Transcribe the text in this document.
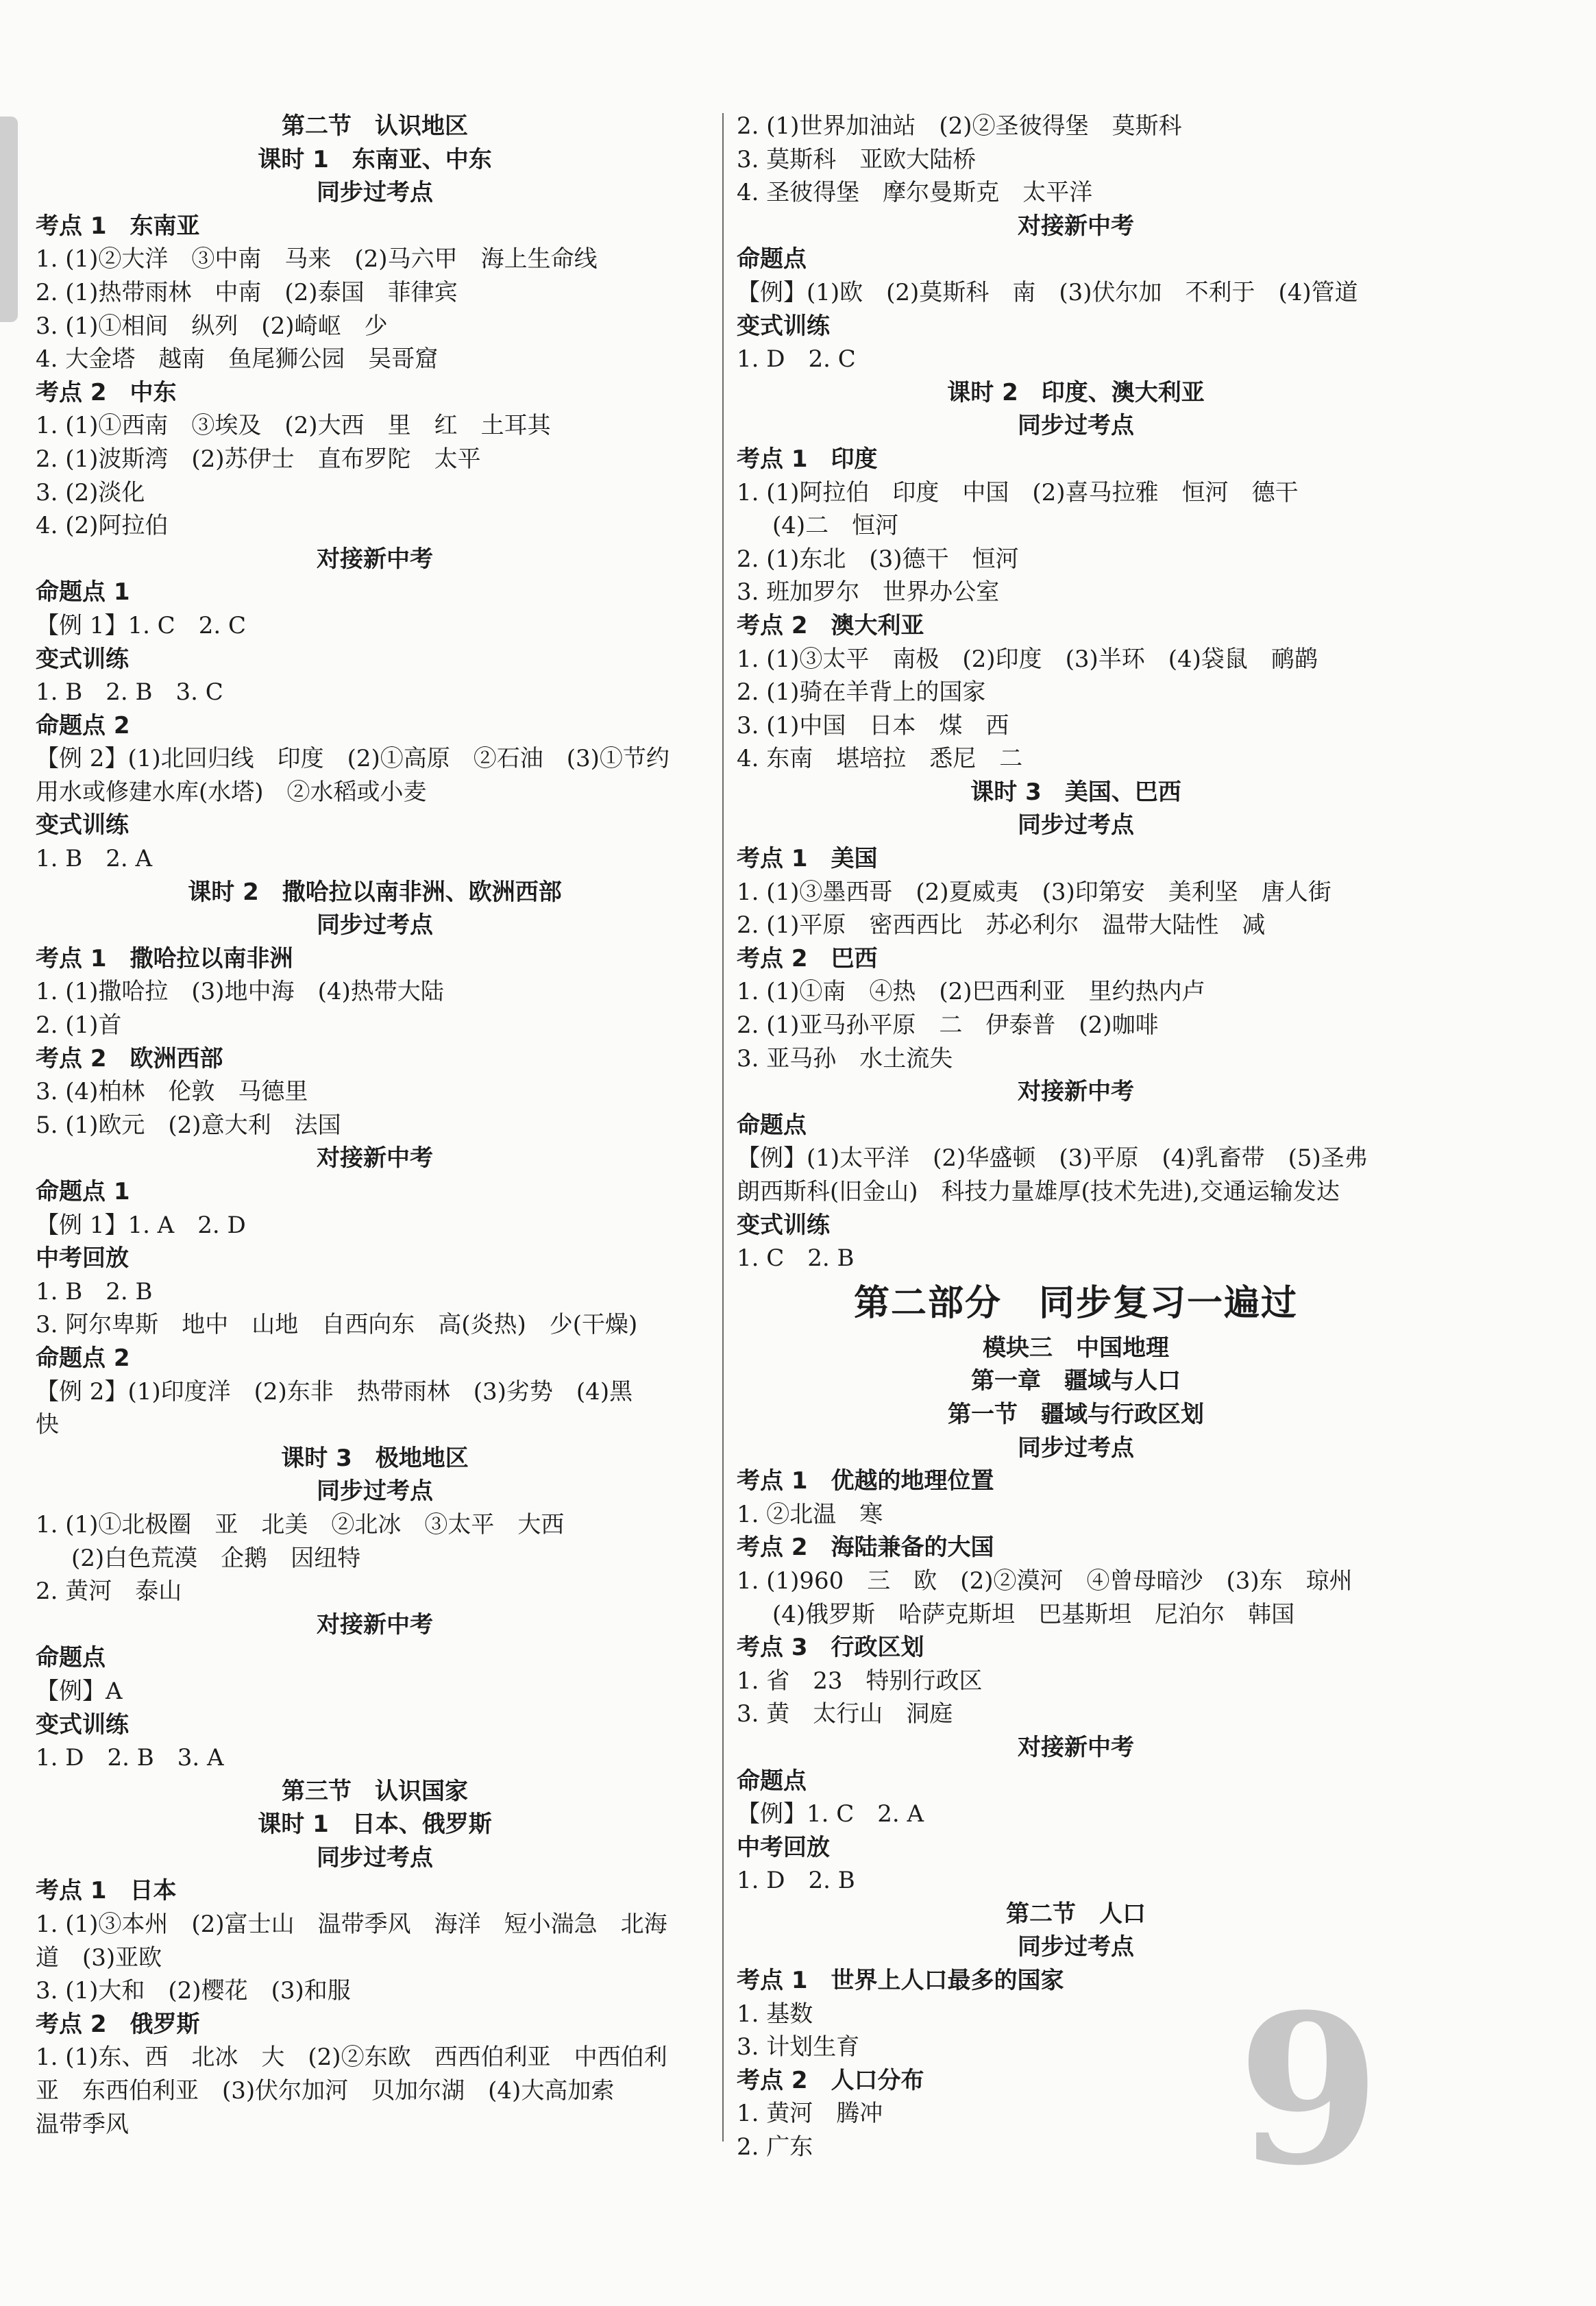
第二节　认识地区
课时 1　东南亚、中东
同步过考点
考点 1　东南亚
1. (1)②大洋　③中南　马来　(2)马六甲　海上生命线
2. (1)热带雨林　中南　(2)泰国　菲律宾
3. (1)①相间　纵列　(2)崎岖　少
4. 大金塔　越南　鱼尾狮公园　吴哥窟
考点 2　中东
1. (1)①西南　③埃及　(2)大西　里　红　土耳其
2. (1)波斯湾　(2)苏伊士　直布罗陀　太平
3. (2)淡化
4. (2)阿拉伯
对接新中考
命题点 1
【例 1】1. C　2. C
变式训练
1. B　2. B　3. C
命题点 2
【例 2】(1)北回归线　印度　(2)①高原　②石油　(3)①节约
用水或修建水库(水塔)　②水稻或小麦
变式训练
1. B　2. A
课时 2　撒哈拉以南非洲、欧洲西部
同步过考点
考点 1　撒哈拉以南非洲
1. (1)撒哈拉　(3)地中海　(4)热带大陆
2. (1)首
考点 2　欧洲西部
3. (4)柏林　伦敦　马德里
5. (1)欧元　(2)意大利　法国
对接新中考
命题点 1
【例 1】1. A　2. D
中考回放
1. B　2. B
3. 阿尔卑斯　地中　山地　自西向东　高(炎热)　少(干燥)
命题点 2
【例 2】(1)印度洋　(2)东非　热带雨林　(3)劣势　(4)黑
快
课时 3　极地地区
同步过考点
1. (1)①北极圈　亚　北美　②北冰　③太平　大西
(2)白色荒漠　企鹅　因纽特
2. 黄河　泰山
对接新中考
命题点
【例】A
变式训练
1. D　2. B　3. A
第三节　认识国家
课时 1　日本、俄罗斯
同步过考点
考点 1　日本
1. (1)③本州　(2)富士山　温带季风　海洋　短小湍急　北海
道　(3)亚欧
3. (1)大和　(2)樱花　(3)和服
考点 2　俄罗斯
1. (1)东、西　北冰　大　(2)②东欧　西西伯利亚　中西伯利
亚　东西伯利亚　(3)伏尔加河　贝加尔湖　(4)大高加索
温带季风
2. (1)世界加油站　(2)②圣彼得堡　莫斯科
3. 莫斯科　亚欧大陆桥
4. 圣彼得堡　摩尔曼斯克　太平洋
对接新中考
命题点
【例】(1)欧　(2)莫斯科　南　(3)伏尔加　不利于　(4)管道
变式训练
1. D　2. C
课时 2　印度、澳大利亚
同步过考点
考点 1　印度
1. (1)阿拉伯　印度　中国　(2)喜马拉雅　恒河　德干
(4)二　恒河
2. (1)东北　(3)德干　恒河
3. 班加罗尔　世界办公室
考点 2　澳大利亚
1. (1)③太平　南极　(2)印度　(3)半环　(4)袋鼠　鸸鹋
2. (1)骑在羊背上的国家
3. (1)中国　日本　煤　西
4. 东南　堪培拉　悉尼　二
课时 3　美国、巴西
同步过考点
考点 1　美国
1. (1)③墨西哥　(2)夏威夷　(3)印第安　美利坚　唐人街
2. (1)平原　密西西比　苏必利尔　温带大陆性　减
考点 2　巴西
1. (1)①南　④热　(2)巴西利亚　里约热内卢
2. (1)亚马孙平原　二　伊泰普　(2)咖啡
3. 亚马孙　水土流失
对接新中考
命题点
【例】(1)太平洋　(2)华盛顿　(3)平原　(4)乳畜带　(5)圣弗
朗西斯科(旧金山)　科技力量雄厚(技术先进),交通运输发达
变式训练
1. C　2. B
第二部分　同步复习一遍过
模块三　中国地理
第一章　疆域与人口
第一节　疆域与行政区划
同步过考点
考点 1　优越的地理位置
1. ②北温　寒
考点 2　海陆兼备的大国
1. (1)960　三　欧　(2)②漠河　④曾母暗沙　(3)东　琼州
(4)俄罗斯　哈萨克斯坦　巴基斯坦　尼泊尔　韩国
考点 3　行政区划
1. 省　23　特别行政区
3. 黄　太行山　洞庭
对接新中考
命题点
【例】1. C　2. A
中考回放
1. D　2. B
第二节　人口
同步过考点
考点 1　世界上人口最多的国家
1. 基数
3. 计划生育
考点 2　人口分布
1. 黄河　腾冲
2. 广东	9
